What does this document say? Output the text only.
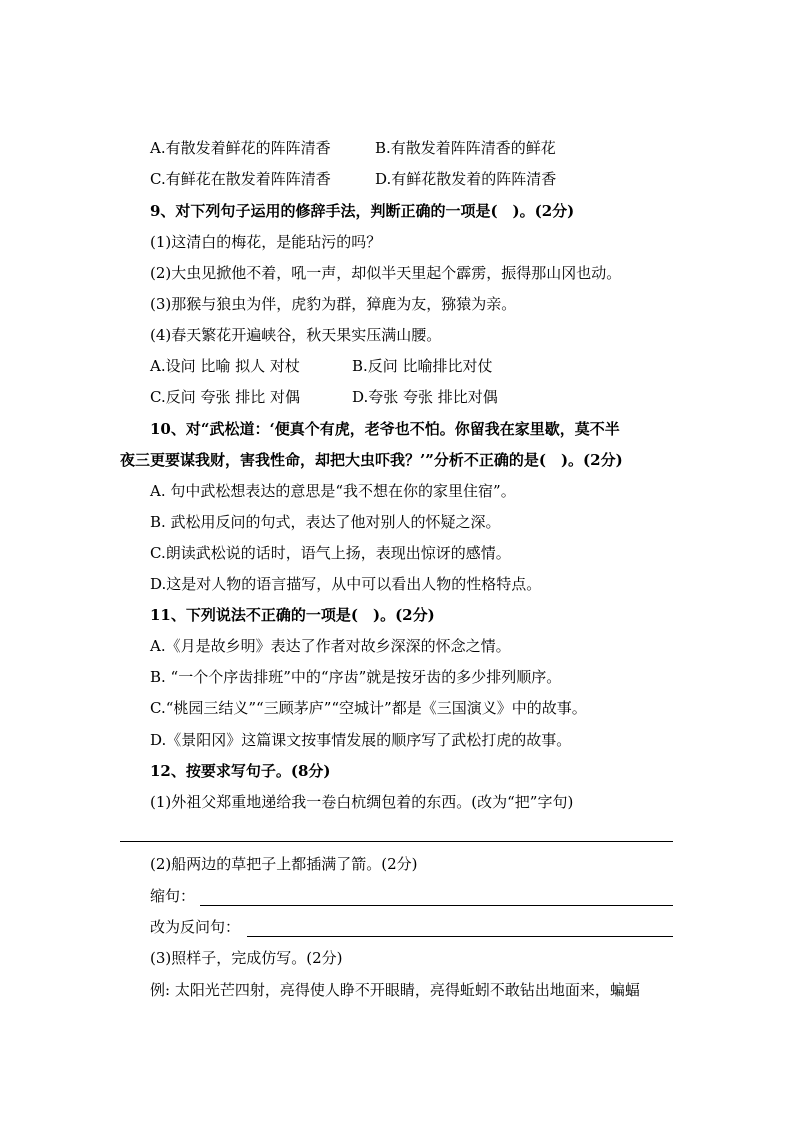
A.有散发着鲜花的阵阵清香	B.有散发着阵阵清香的鲜花
C.有鲜花在散发着阵阵清香	D.有鲜花散发着的阵阵清香
9、对下列句子运用的修辞手法，判断正确的一项是(　)。(2分)
(1)这清白的梅花，是能玷污的吗？
(2)大虫见掀他不着，吼一声，却似半天里起个霹雳，振得那山冈也动。
(3)那猴与狼虫为伴，虎豹为群，獐鹿为友，猕猿为亲。
(4)春天繁花开遍峡谷，秋天果实压满山腰。
A.设问 比喻 拟人 对杖	B.反问 比喻排比对仗
C.反问 夸张 排比 对偶	D.夸张 夸张 排比对偶
10、对“武松道：‘便真个有虎，老爷也不怕。你留我在家里歇，莫不半
夜三更要谋我财，害我性命，却把大虫吓我？’”分析不正确的是(　)。(2分)
A. 句中武松想表达的意思是“我不想在你的家里住宿”。
B. 武松用反问的句式，表达了他对别人的怀疑之深。
C.朗读武松说的话时，语气上扬，表现出惊讶的感情。
D.这是对人物的语言描写，从中可以看出人物的性格特点。
11、下列说法不正确的一项是(　)。(2分)
A.《月是故乡明》表达了作者对故乡深深的怀念之情。
B. “一个个序齿排班”中的“序齿”就是按牙齿的多少排列顺序。
C.“桃园三结义”“三顾茅庐”“空城计”都是《三国演义》中的故事。
D.《景阳冈》这篇课文按事情发展的顺序写了武松打虎的故事。
12、按要求写句子。(8分)
(1)外祖父郑重地递给我一卷白杭绸包着的东西。(改为“把”字句)
(2)船两边的草把子上都插满了箭。(2分)
缩句：
改为反问句：
(3)照样子，完成仿写。(2分)
例: 太阳光芒四射，亮得使人睁不开眼睛，亮得蚯蚓不敢钻出地面来，蝙蝠
